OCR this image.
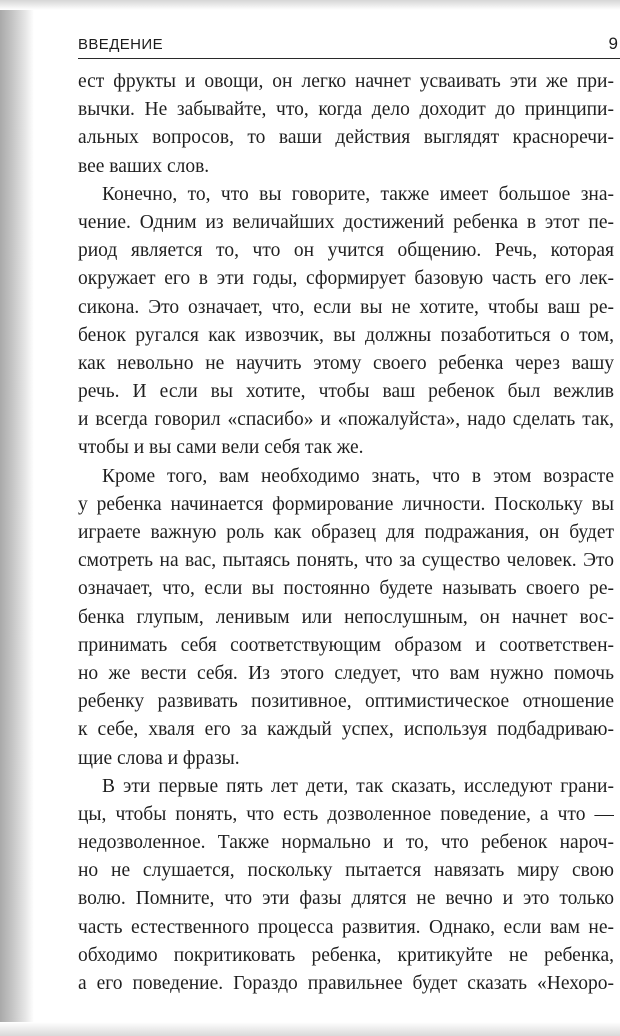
ВВЕДЕНИЕ	9
ест фрукты и овощи, он легко начнет усваивать эти же при-
вычки. Не забывайте, что, когда дело доходит до принципи-
альных вопросов, то ваши действия выглядят красноречи-
вее ваших слов.
Конечно, то, что вы говорите, также имеет большое зна-
чение. Одним из величайших достижений ребенка в этот пе-
риод является то, что он учится общению. Речь, которая
окружает его в эти годы, сформирует базовую часть его лек-
сикона. Это означает, что, если вы не хотите, чтобы ваш ре-
бенок ругался как извозчик, вы должны позаботиться о том,
как невольно не научить этому своего ребенка через вашу
речь. И если вы хотите, чтобы ваш ребенок был вежлив
и всегда говорил «спасибо» и «пожалуйста», надо сделать так,
чтобы и вы сами вели себя так же.
Кроме того, вам необходимо знать, что в этом возрасте
у ребенка начинается формирование личности. Поскольку вы
играете важную роль как образец для подражания, он будет
смотреть на вас, пытаясь понять, что за существо человек. Это
означает, что, если вы постоянно будете называть своего ре-
бенка глупым, ленивым или непослушным, он начнет вос-
принимать себя соответствующим образом и соответствен-
но же вести себя. Из этого следует, что вам нужно помочь
ребенку развивать позитивное, оптимистическое отношение
к себе, хваля его за каждый успех, используя подбадриваю-
щие слова и фразы.
В эти первые пять лет дети, так сказать, исследуют грани-
цы, чтобы понять, что есть дозволенное поведение, а что —
недозволенное. Также нормально и то, что ребенок нароч-
но не слушается, поскольку пытается навязать миру свою
волю. Помните, что эти фазы длятся не вечно и это только
часть естественного процесса развития. Однако, если вам не-
обходимо покритиковать ребенка, критикуйте не ребенка,
а его поведение. Гораздо правильнее будет сказать «Нехоро-
